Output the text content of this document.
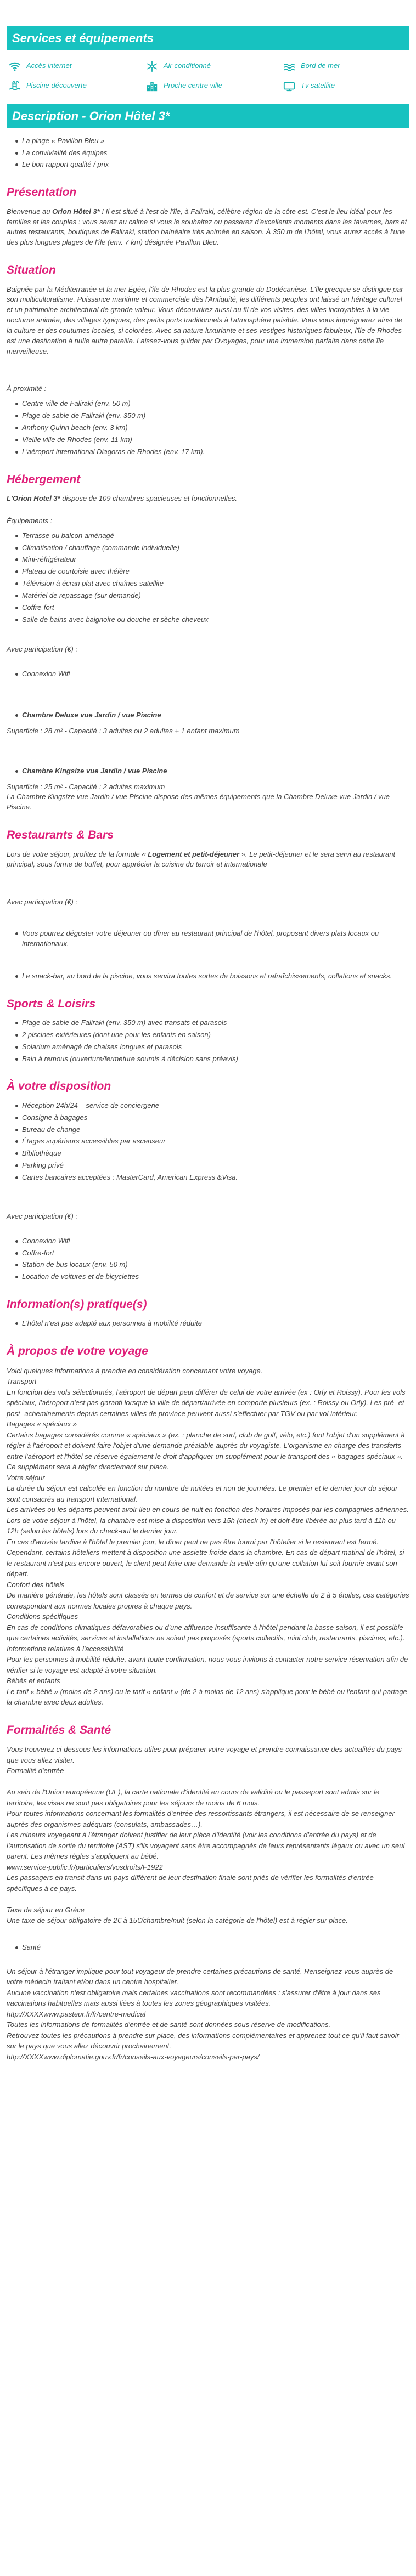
Services et équipements
Accès internet	Air conditionné	Bord de mer
Piscine découverte	Proche centre ville	Tv satellite
Description - Orion Hôtel 3*
La plage « Pavillon Bleu »
La convivialité des équipes
Le bon rapport qualité / prix
Présentation

Bienvenue au Orion Hôtel 3* ! Il est situé à l'est de l'île, à Faliraki, célèbre région de la côte est. C'est le lieu idéal pour les familles et les couples : vous serez au calme si vous le souhaitez ou passerez d'excellents moments dans les tavernes, bars et autres restaurants, boutiques de Faliraki, station balnéaire très animée en saison. À 350 m de l'hôtel, vous aurez accès à l'une des plus longues plages de l'île (env. 7 km) désignée Pavillon Bleu.

Situation

Baignée par la Méditerranée et la mer Égée, l'île de Rhodes est la plus grande du Dodécanèse. L'île grecque se distingue par son multiculturalisme. Puissance maritime et commerciale dès l'Antiquité, les différents peuples ont laissé un héritage culturel et un patrimoine architectural de grande valeur. Vous découvrirez aussi au fil de vos visites, des villes incroyables à la vie nocturne animée, des villages typiques, des petits ports traditionnels à l'atmosphère paisible. Vous vous imprégnerez ainsi de la culture et des coutumes locales, si colorées. Avec sa nature luxuriante et ses vestiges historiques fabuleux, l'île de Rhodes est une destination à nulle autre pareille. Laissez-vous guider par Ovoyages, pour une immersion parfaite dans cette île merveilleuse.

À proximité :

Centre-ville de Faliraki (env. 50 m)
Plage de sable de Faliraki (env. 350 m)
Anthony Quinn beach (env. 3 km)
Vieille ville de Rhodes (env. 11 km)
L'aéroport international Diagoras de Rhodes (env. 17 km).
Hébergement

L'Orion Hotel 3* dispose de 109 chambres spacieuses et fonctionnelles.

Équipements :

Terrasse ou balcon aménagé
Climatisation / chauffage (commande individuelle)
Mini-réfrigérateur
Plateau de courtoisie avec théière
Télévision à écran plat avec chaînes satellite
Matériel de repassage (sur demande)
Coffre-fort
Salle de bains avec baignoire ou douche et sèche-cheveux

Avec participation (€) :

Connexion Wifi
Chambre Deluxe vue Jardin / vue Piscine

Superficie : 28 m² - Capacité : 3 adultes ou 2 adultes + 1 enfant maximum

Chambre Kingsize vue Jardin / vue Piscine

Superficie : 25 m² - Capacité : 2 adultes maximum

La Chambre Kingsize vue Jardin / vue Piscine dispose des mêmes équipements que la Chambre Deluxe vue Jardin / vue Piscine.

Restaurants & Bars

Lors de votre séjour, profitez de la formule « Logement et petit-déjeuner ». Le petit-déjeuner et le sera servi au restaurant principal, sous forme de buffet, pour apprécier la cuisine du terroir et internationale

Avec participation (€) :

Vous pourrez déguster votre déjeuner ou dîner au restaurant principal de l'hôtel, proposant divers plats locaux ou internationaux.
Le snack-bar, au bord de la piscine, vous servira toutes sortes de boissons et rafraîchissements, collations et snacks.
Sports & Loisirs
Plage de sable de Faliraki (env. 350 m) avec transats et parasols
2 piscines extérieures (dont une pour les enfants en saison)
Solarium aménagé de chaises longues et parasols
Bain à remous (ouverture/fermeture soumis à décision sans préavis)
À votre disposition
Réception 24h/24 – service de conciergerie
Consigne à bagages
Bureau de change
Étages supérieurs accessibles par ascenseur
Bibliothèque
Parking privé
Cartes bancaires acceptées : MasterCard, American Express &Visa.

Avec participation (€) :

Connexion Wifi
Coffre-fort
Station de bus locaux (env. 50 m)
Location de voitures et de bicyclettes
Information(s) pratique(s)
L'hôtel n'est pas adapté aux personnes à mobilité réduite
À propos de votre voyage

Voici quelques informations à prendre en considération concernant votre voyage.

Transport

En fonction des vols sélectionnés, l'aéroport de départ peut différer de celui de votre arrivée (ex : Orly et Roissy). Pour les vols spéciaux, l'aéroport n'est pas garanti lorsque la ville de départ/arrivée en comporte plusieurs (ex. : Roissy ou Orly). Les pré- et post- acheminements depuis certaines villes de province peuvent aussi s'effectuer par TGV ou par vol intérieur.

Bagages « spéciaux »

Certains bagages considérés comme « spéciaux » (ex. : planche de surf, club de golf, vélo, etc.) font l'objet d'un supplément à régler à l'aéroport et doivent faire l'objet d'une demande préalable auprès du voyagiste. L'organisme en charge des transferts entre l'aéroport et l'hôtel se réserve également le droit d'appliquer un supplément pour le transport des « bagages spéciaux ». Ce supplément sera à régler directement sur place.

Votre séjour

La durée du séjour est calculée en fonction du nombre de nuitées et non de journées. Le premier et le dernier jour du séjour sont consacrés au transport international.

Les arrivées ou les départs peuvent avoir lieu en cours de nuit en fonction des horaires imposés par les compagnies aériennes.

Lors de votre séjour à l'hôtel, la chambre est mise à disposition vers 15h (check-in) et doit être libérée au plus tard à 11h ou 12h (selon les hôtels) lors du check-out le dernier jour.

En cas d'arrivée tardive à l'hôtel le premier jour, le dîner peut ne pas être fourni par l'hôtelier si le restaurant est fermé. Cependant, certains hôteliers mettent à disposition une assiette froide dans la chambre. En cas de départ matinal de l'hôtel, si le restaurant n'est pas encore ouvert, le client peut faire une demande la veille afin qu'une collation lui soit fournie avant son départ.

Confort des hôtels

De manière générale, les hôtels sont classés en termes de confort et de service sur une échelle de 2 à 5 étoiles, ces catégories correspondant aux normes locales propres à chaque pays.

Conditions spécifiques

En cas de conditions climatiques défavorables ou d'une affluence insuffisante à l'hôtel pendant la basse saison, il est possible que certaines activités, services et installations ne soient pas proposés (sports collectifs, mini club, restaurants, piscines, etc.).

Informations relatives à l'accessibilité

Pour les personnes à mobilité réduite, avant toute confirmation, nous vous invitons à contacter notre service réservation afin de vérifier si le voyage est adapté à votre situation.

Bébés et enfants

Le tarif « bébé » (moins de 2 ans) ou le tarif « enfant » (de 2 à moins de 12 ans) s'applique pour le bébé ou l'enfant qui partage la chambre avec deux adultes.

Formalités & Santé

Vous trouverez ci-dessous les informations utiles pour préparer votre voyage et prendre connaissance des actualités du pays que vous allez visiter.

Formalité d'entrée

Au sein de l'Union européenne (UE), la carte nationale d'identité en cours de validité ou le passeport sont admis sur le territoire, les visas ne sont pas obligatoires pour les séjours de moins de 6 mois.

Pour toutes informations concernant les formalités d'entrée des ressortissants étrangers, il est nécessaire de se renseigner auprès des organismes adéquats (consulats, ambassades…).

Les mineurs voyageant à l'étranger doivent justifier de leur pièce d'identité (voir les conditions d'entrée du pays) et de l'autorisation de sortie du territoire (AST) s'ils voyagent sans être accompagnés de leurs représentants légaux ou avec un seul parent. Les mêmes règles s'appliquent au bébé.

www.service-public.fr/particuliers/vosdroits/F1922

Les passagers en transit dans un pays différent de leur destination finale sont priés de vérifier les formalités d'entrée spécifiques à ce pays.

Taxe de séjour en Grèce

Une taxe de séjour obligatoire de 2€ à 15€/chambre/nuit (selon la catégorie de l'hôtel) est à régler sur place.

Santé

Un séjour à l'étranger implique pour tout voyageur de prendre certaines précautions de santé. Renseignez-vous auprès de votre médecin traitant et/ou dans un centre hospitalier.

Aucune vaccination n'est obligatoire mais certaines vaccinations sont recommandées : s'assurer d'être à jour dans ses vaccinations habituelles mais aussi liées à toutes les zones géographiques visitées.

http://XXXXwww.pasteur.fr/fr/centre-medical

Toutes les informations de formalités d'entrée et de santé sont données sous réserve de modifications.

Retrouvez toutes les précautions à prendre sur place, des informations complémentaires et apprenez tout ce qu'il faut savoir sur le pays que vous allez découvrir prochainement.

http://XXXXwww.diplomatie.gouv.fr/fr/conseils-aux-voyageurs/conseils-par-pays/
